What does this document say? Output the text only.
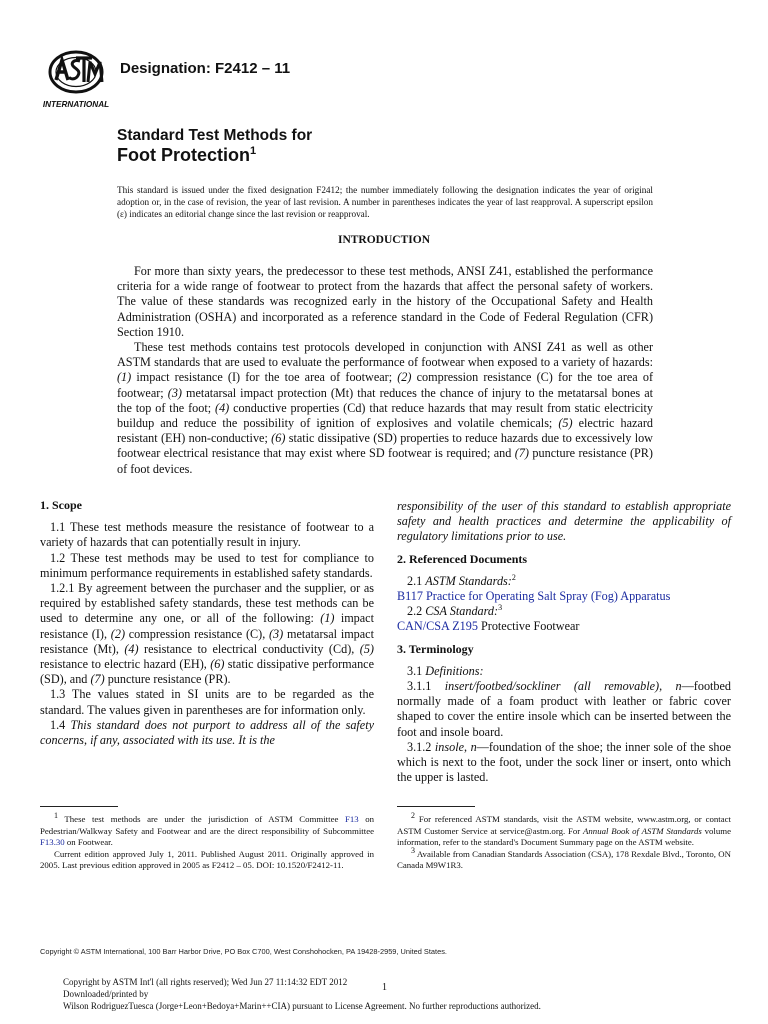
INTERNATIONAL
Designation: F2412 – 11
Standard Test Methods for
Foot Protection$^1$
This standard is issued under the fixed designation F2412; the number immediately following the designation indicates the year of original adoption or, in the case of revision, the year of last revision. A number in parentheses indicates the year of last reapproval. A superscript epsilon (ε) indicates an editorial change since the last revision or reapproval.
INTRODUCTION

For more than sixty years, the predecessor to these test methods, ANSI Z41, established the performance criteria for a wide range of footwear to protect from the hazards that affect the personal safety of workers. The value of these standards was recognized early in the history of the Occupational Safety and Health Administration (OSHA) and incorporated as a reference standard in the Code of Federal Regulation (CFR) Section 1910.

These test methods contains test protocols developed in conjunction with ANSI Z41 as well as other ASTM standards that are used to evaluate the performance of footwear when exposed to a variety of hazards: (1) impact resistance (I) for the toe area of footwear; (2) compression resistance (C) for the toe area of footwear; (3) metatarsal impact protection (Mt) that reduces the chance of injury to the metatarsal bones at the top of the foot; (4) conductive properties (Cd) that reduce hazards that may result from static electricity buildup and reduce the possibility of ignition of explosives and volatile chemicals; (5) electric hazard resistant (EH) non-conductive; (6) static dissipative (SD) properties to reduce hazards due to excessively low footwear electrical resistance that may exist where SD footwear is required; and (7) puncture resistance (PR) of foot devices.

1. Scope

1.1 These test methods measure the resistance of footwear to a variety of hazards that can potentially result in injury.

1.2 These test methods may be used to test for compliance to minimum performance requirements in established safety standards.

1.2.1 By agreement between the purchaser and the supplier, or as required by established safety standards, these test methods can be used to determine any one, or all of the following: (1) impact resistance (I), (2) compression resistance (C), (3) metatarsal impact resistance (Mt), (4) resistance to electrical conductivity (Cd), (5) resistance to electric hazard (EH), (6) static dissipative performance (SD), and (7) puncture resistance (PR).

1.3 The values stated in SI units are to be regarded as the standard. The values given in parentheses are for information only.

1.4 This standard does not purport to address all of the safety concerns, if any, associated with its use. It is the

responsibility of the user of this standard to establish appropriate safety and health practices and determine the applicability of regulatory limitations prior to use.

2. Referenced Documents

2.1 ASTM Standards:$^2$

B117 Practice for Operating Salt Spray (Fog) Apparatus

2.2 CSA Standard:$^3$

CAN/CSA Z195 Protective Footwear

3. Terminology

3.1 Definitions:

3.1.1 insert/footbed/sockliner (all removable), n—footbed normally made of a foam product with leather or fabric cover shaped to cover the entire insole which can be inserted between the foot and insole board.

3.1.2 insole, n—foundation of the shoe; the inner sole of the shoe which is next to the foot, under the sock liner or insert, onto which the upper is lasted.

$^1$ These test methods are under the jurisdiction of ASTM Committee F13 on Pedestrian/Walkway Safety and Footwear and are the direct responsibility of Subcommittee F13.30 on Footwear.

Current edition approved July 1, 2011. Published August 2011. Originally approved in 2005. Last previous edition approved in 2005 as F2412 – 05. DOI: 10.1520/F2412-11.

$^2$ For referenced ASTM standards, visit the ASTM website, www.astm.org, or contact ASTM Customer Service at service@astm.org. For Annual Book of ASTM Standards volume information, refer to the standard's Document Summary page on the ASTM website.

$^3$ Available from Canadian Standards Association (CSA), 178 Rexdale Blvd., Toronto, ON Canada M9W1R3.

Copyright © ASTM International, 100 Barr Harbor Drive, PO Box C700, West Conshohocken, PA 19428-2959, United States.
Copyright by ASTM Int'l (all rights reserved); Wed Jun 27 11:14:32 EDT 2012
Downloaded/printed by
Wilson RodriguezTuesca (Jorge+Leon+Bedoya+Marin++CIA) pursuant to License Agreement. No further reproductions authorized.
1
